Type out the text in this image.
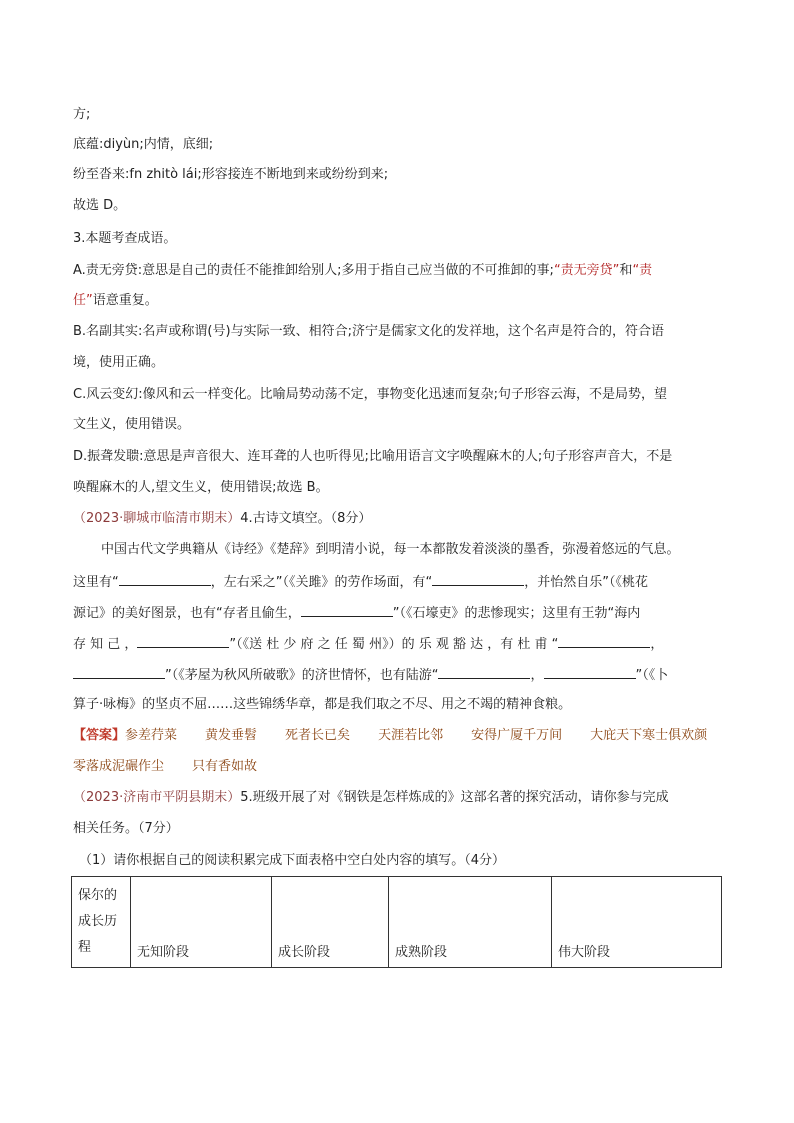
方;
底蕴:diyùn;内情，底细;
纷至沓来:fn zhitò lái;形容接连不断地到来或纷纷到来;
故选 D。
3.本题考查成语。
A.责无旁贷:意思是自己的责任不能推卸给别人;多用于指自己应当做的不可推卸的事;“责无旁贷”和“责
任”语意重复。
B.名副其实:名声或称谓(号)与实际一致、相符合;济宁是儒家文化的发祥地，这个名声是符合的，符合语
境，使用正确。
C.风云变幻:像风和云一样变化。比喻局势动荡不定，事物变化迅速而复杂;句子形容云海，不是局势，望
文生义，使用错误。
D.振聋发聩:意思是声音很大、连耳聋的人也听得见;比喻用语言文字唤醒麻木的人;句子形容声音大，不是
唤醒麻木的人,望文生义，使用错误;故选 B。
（2023·聊城市临清市期末）4.古诗文填空。（8分）
中国古代文学典籍从《诗经》《楚辞》到明清小说，每一本都散发着淡淡的墨香，弥漫着悠远的气息。
这里有“	，左右采之”（《关雎》的劳作场面，有“	，并怡然自乐”（《桃花
源记》的美好图景，也有“存者且偷生，	”（《石壕吏》的悲惨现实；这里有王勃“海内
存 知 己 ，	”（《送 杜 少 府 之 任 蜀 州》）的 乐 观 豁 达 ，有 杜 甫 “	，
”（《茅屋为秋风所破歌》的济世情怀，也有陆游“	，	”（《卜
算子·咏梅》的坚贞不屈……这些锦绣华章，都是我们取之不尽、用之不竭的精神食粮。
【答案】参差荇菜 黄发垂髫 死者长已矣 天涯若比邻 安得广厦千万间 大庇天下寒士俱欢颜
零落成泥碾作尘 只有香如故
（2023·济南市平阴县期末）5.班级开展了对《钢铁是怎样炼成的》这部名著的探究活动，请你参与完成
相关任务。（7分）
（1）请你根据自己的阅读积累完成下面表格中空白处内容的填写。（4分）
保尔的
成长历程	无知阶段	成长阶段	成熟阶段	伟大阶段
